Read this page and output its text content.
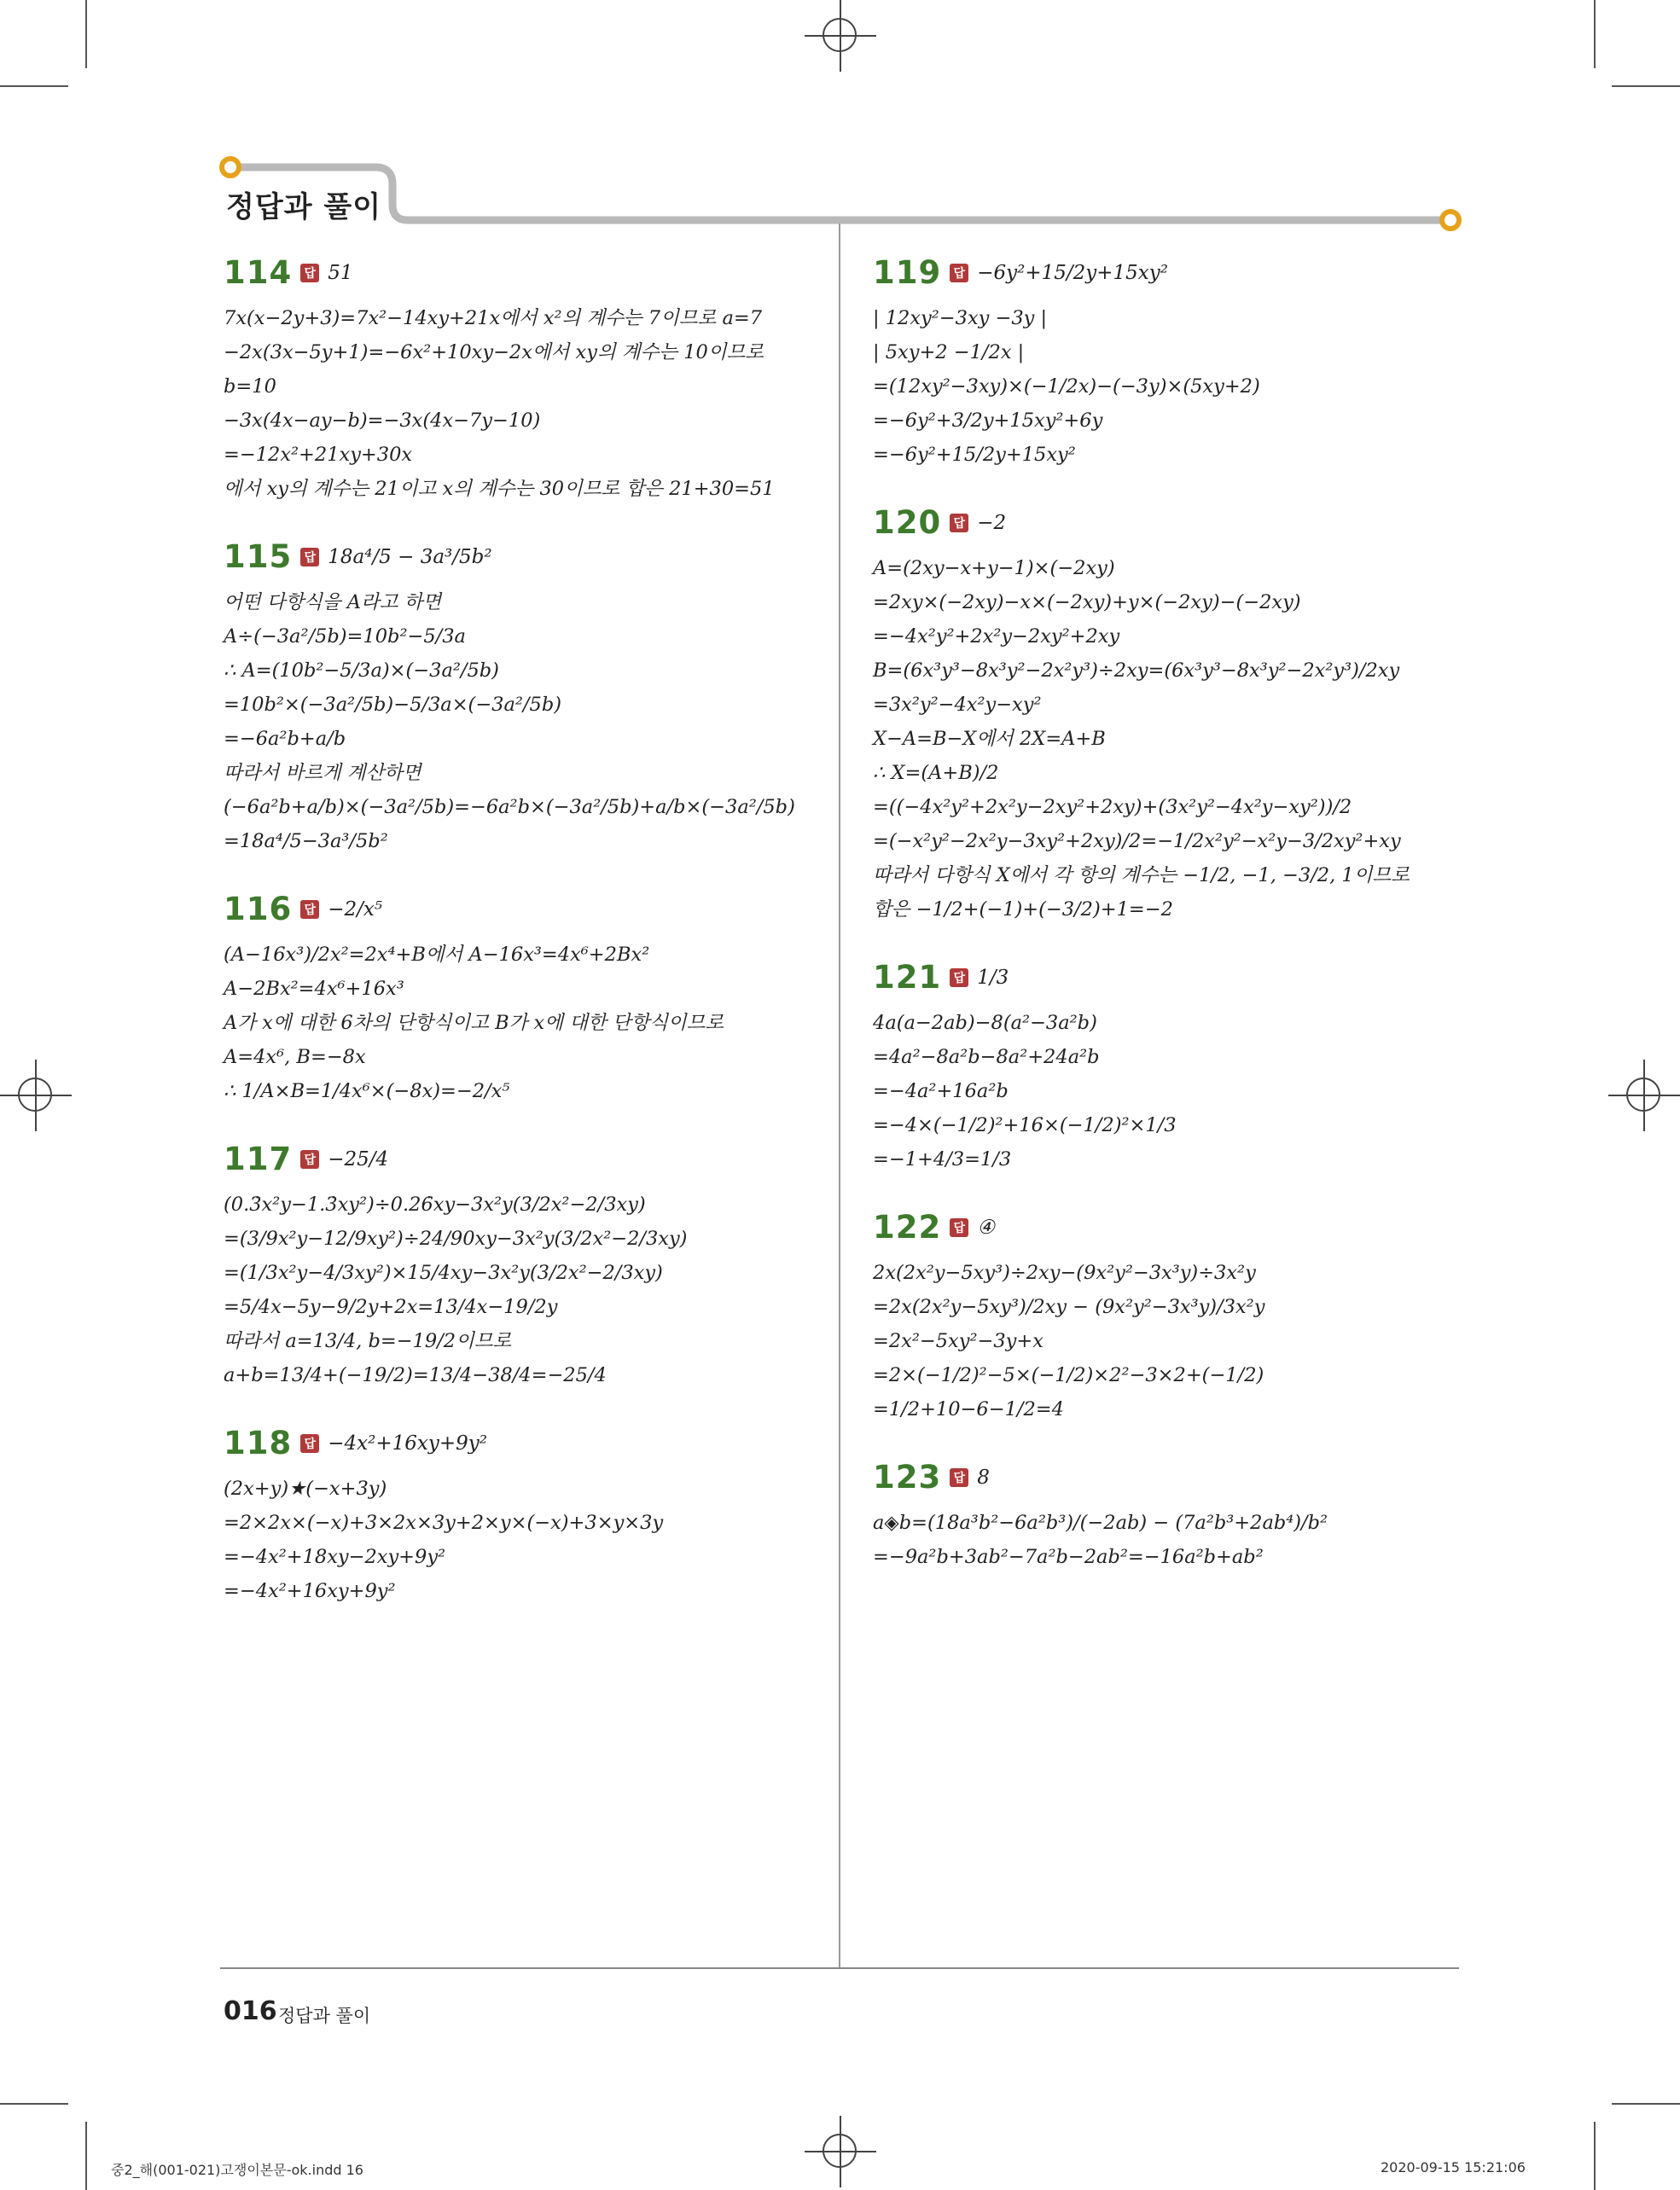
정답과 풀이
114	답 51
7x(x−2y+3)=7x²−14xy+21x에서 x²의 계수는 7이므로 a=7
−2x(3x−5y+1)=−6x²+10xy−2x에서 xy의 계수는 10이므로
b=10
−3x(4x−ay−b)=−3x(4x−7y−10)
=−12x²+21xy+30x
에서 xy의 계수는 21이고 x의 계수는 30이므로 합은 21+30=51
115	답 18a⁴/5 − 3a³/5b²
어떤 다항식을 A라고 하면
A÷(−3a²/5b)=10b²−5/3a
∴ A=(10b²−5/3a)×(−3a²/5b)
=10b²×(−3a²/5b)−5/3a×(−3a²/5b)
=−6a²b+a/b
따라서 바르게 계산하면
(−6a²b+a/b)×(−3a²/5b)=−6a²b×(−3a²/5b)+a/b×(−3a²/5b)
=18a⁴/5−3a³/5b²
116	답 −2/x⁵
(A−16x³)/2x²=2x⁴+B에서 A−16x³=4x⁶+2Bx²
A−2Bx²=4x⁶+16x³
A가 x에 대한 6차의 단항식이고 B가 x에 대한 단항식이므로
A=4x⁶, B=−8x
∴ 1/A×B=1/4x⁶×(−8x)=−2/x⁵
117	답 −25/4
(0.3̇x²y−1.3̇xy²)÷0.26̇xy−3x²y(3/2x²−2/3xy)
=(3/9x²y−12/9xy²)÷24/90xy−3x²y(3/2x²−2/3xy)
=(1/3x²y−4/3xy²)×15/4xy−3x²y(3/2x²−2/3xy)
=5/4x−5y−9/2y+2x=13/4x−19/2y
따라서 a=13/4, b=−19/2이므로
a+b=13/4+(−19/2)=13/4−38/4=−25/4
118	답 −4x²+16xy+9y²
(2x+y)★(−x+3y)
=2×2x×(−x)+3×2x×3y+2×y×(−x)+3×y×3y
=−4x²+18xy−2xy+9y²
=−4x²+16xy+9y²
119	답 −6y²+15/2y+15xy²
| 12xy²−3xy −3y |
| 5xy+2 −1/2x |
=(12xy²−3xy)×(−1/2x)−(−3y)×(5xy+2)
=−6y²+3/2y+15xy²+6y
=−6y²+15/2y+15xy²
120	답 −2
A=(2xy−x+y−1)×(−2xy)
=2xy×(−2xy)−x×(−2xy)+y×(−2xy)−(−2xy)
=−4x²y²+2x²y−2xy²+2xy
B=(6x³y³−8x³y²−2x²y³)÷2xy=(6x³y³−8x³y²−2x²y³)/2xy
=3x²y²−4x²y−xy²
X−A=B−X에서 2X=A+B
∴ X=(A+B)/2
=((−4x²y²+2x²y−2xy²+2xy)+(3x²y²−4x²y−xy²))/2
=(−x²y²−2x²y−3xy²+2xy)/2=−1/2x²y²−x²y−3/2xy²+xy
따라서 다항식 X에서 각 항의 계수는 −1/2, −1, −3/2, 1이므로
합은 −1/2+(−1)+(−3/2)+1=−2
121	답 1/3
4a(a−2ab)−8(a²−3a²b)
=4a²−8a²b−8a²+24a²b
=−4a²+16a²b
=−4×(−1/2)²+16×(−1/2)²×1/3
=−1+4/3=1/3
122	답 ④
2x(2x²y−5xy³)÷2xy−(9x²y²−3x³y)÷3x²y
=2x(2x²y−5xy³)/2xy − (9x²y²−3x³y)/3x²y
=2x²−5xy²−3y+x
=2×(−1/2)²−5×(−1/2)×2²−3×2+(−1/2)
=1/2+10−6−1/2=4
123	답 8
a◈b=(18a³b²−6a²b³)/(−2ab) − (7a²b³+2ab⁴)/b²
=−9a²b+3ab²−7a²b−2ab²=−16a²b+ab²
016 정답과 풀이
중2_해(001-021)고쟁이본문-ok.indd 16	2020-09-15 15:21:06
